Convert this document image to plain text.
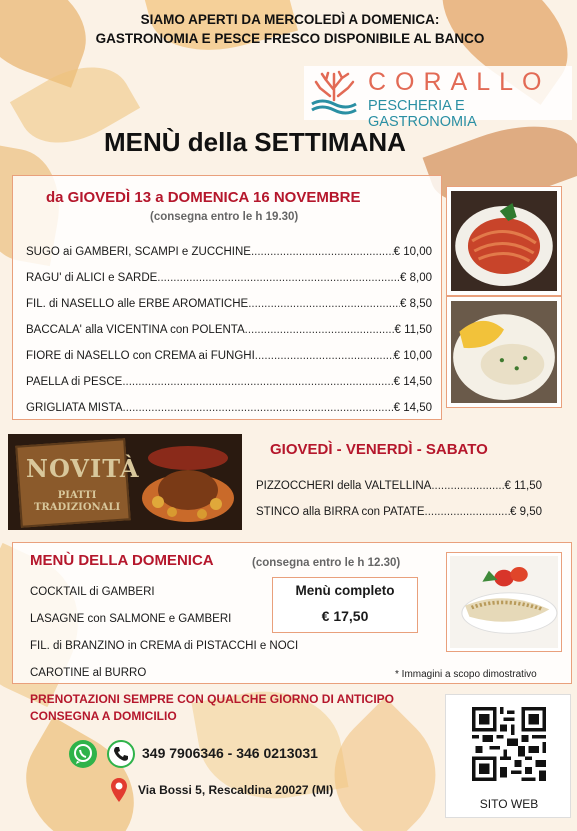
SIAMO APERTI DA MERCOLEDÌ A DOMENICA:
GASTRONOMIA E PESCE FRESCO DISPONIBILE AL BANCO
CORALLO
PESCHERIA E GASTRONOMIA
MENÙ della SETTIMANA
da GIOVEDÌ 13 a DOMENICA 16 NOVEMBRE
(consegna entro le h 19.30)
SUGO ai GAMBERI, SCAMPI e ZUCCHINE .....	€ 10,00
RAGU' di ALICI e SARDE .....	€ 8,00
FIL. di NASELLO alle ERBE AROMATICHE .....	€ 8,50
BACCALA' alla VICENTINA con POLENTA .....	€ 11,50
FIORE di NASELLO con CREMA ai FUNGHI .....	€ 10,00
PAELLA di PESCE .....	€ 14,50
GRIGLIATA MISTA .....	€ 14,50
NOVITÀ
PIATTI
TRADIZIONALI
GIOVEDÌ - VENERDÌ - SABATO
PIZZOCCHERI della VALTELLINA .....	€ 11,50
STINCO alla BIRRA con PATATE .....	€ 9,50
MENÙ DELLA DOMENICA	(consegna entro le h 12.30)
COCKTAIL di GAMBERI
LASAGNE con SALMONE e GAMBERI
FIL. di BRANZINO in CREMA di PISTACCHI e NOCI
CAROTINE al BURRO
Menù completo
€ 17,50
* Immagini a scopo dimostrativo
PRENOTAZIONI SEMPRE CON QUALCHE GIORNO DI ANTICIPO
CONSEGNA A DOMICILIO
349 7906346 - 346 0213031
Via Bossi 5, Rescaldina 20027 (MI)
SITO WEB
